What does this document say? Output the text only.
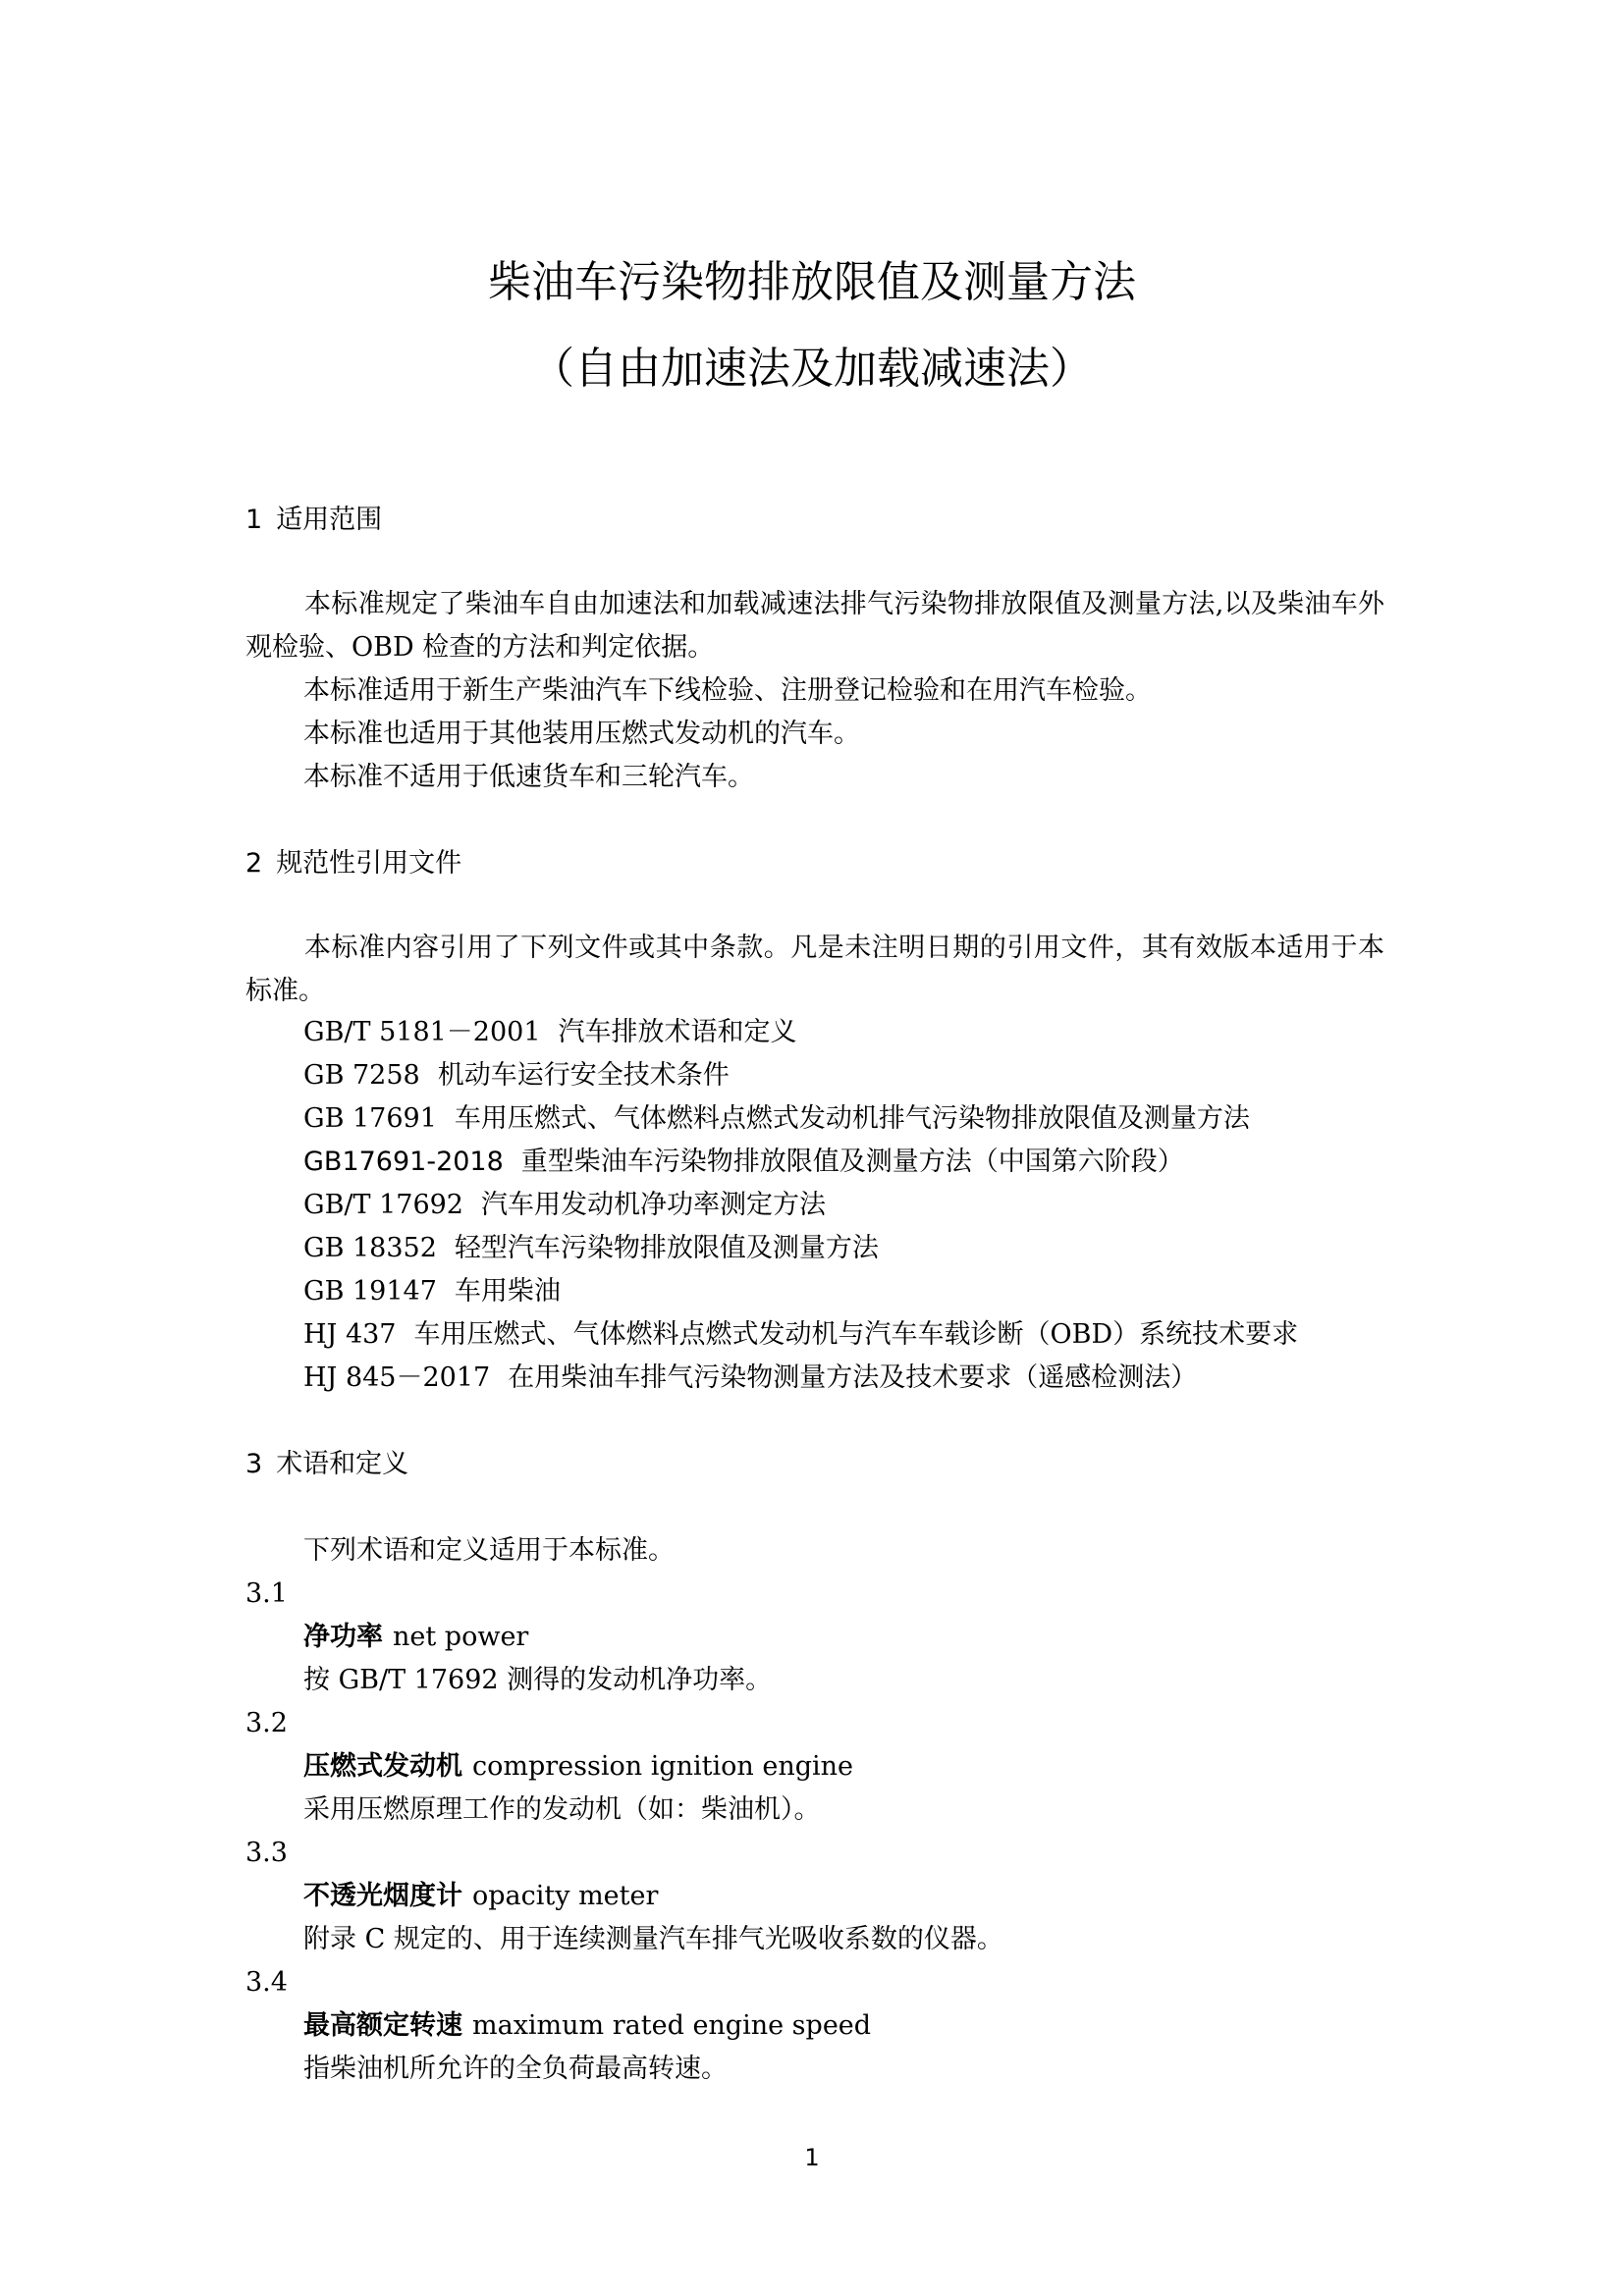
柴油车污染物排放限值及测量方法
（自由加速法及加载减速法）
1 适用范围

本标准规定了柴油车自由加速法和加载减速法排气污染物排放限值及测量方法,以及柴油车外观检验、OBD 检查的方法和判定依据。

本标准适用于新生产柴油汽车下线检验、注册登记检验和在用汽车检验。

本标准也适用于其他装用压燃式发动机的汽车。

本标准不适用于低速货车和三轮汽车。

2 规范性引用文件

本标准内容引用了下列文件或其中条款。凡是未注明日期的引用文件，其有效版本适用于本标准。

GB/T 5181－2001 汽车排放术语和定义

GB 7258 机动车运行安全技术条件

GB 17691 车用压燃式、气体燃料点燃式发动机排气污染物排放限值及测量方法

GB17691-2018 重型柴油车污染物排放限值及测量方法（中国第六阶段）

GB/T 17692 汽车用发动机净功率测定方法

GB 18352 轻型汽车污染物排放限值及测量方法

GB 19147 车用柴油

HJ 437 车用压燃式、气体燃料点燃式发动机与汽车车载诊断（OBD）系统技术要求

HJ 845－2017 在用柴油车排气污染物测量方法及技术要求（遥感检测法）

3 术语和定义

下列术语和定义适用于本标准。

3.1

净功率 net power

按 GB/T 17692 测得的发动机净功率。

3.2

压燃式发动机 compression ignition engine

采用压燃原理工作的发动机（如：柴油机）。

3.3

不透光烟度计 opacity meter

附录 C 规定的、用于连续测量汽车排气光吸收系数的仪器。

3.4

最高额定转速 maximum rated engine speed

指柴油机所允许的全负荷最高转速。

1
